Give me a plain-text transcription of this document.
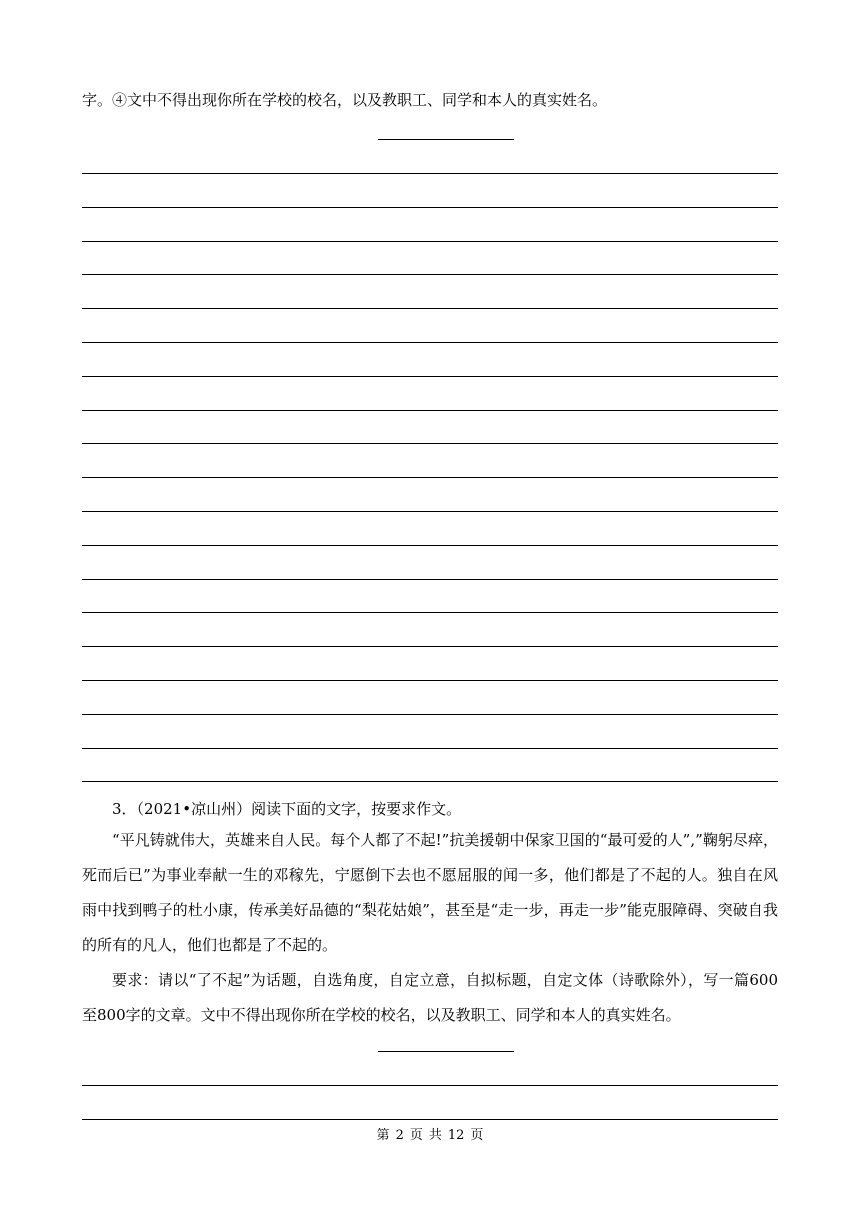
字。④文中不得出现你所在学校的校名，以及教职工、同学和本人的真实姓名。
3．（2021•凉山州）阅读下面的文字，按要求作文。
“平凡铸就伟大，英雄来自人民。每个人都了不起!”抗美援朝中保家卫国的“最可爱的人”,”鞠躬尽瘁，死而后已”为事业奉献一生的邓稼先，宁愿倒下去也不愿屈服的闻一多，他们都是了不起的人。独自在风雨中找到鸭子的杜小康，传承美好品德的“梨花姑娘”，甚至是“走一步，再走一步”能克服障碍、突破自我的所有的凡人，他们也都是了不起的。
要求：请以“了不起”为话题，自选角度，自定立意，自拟标题，自定文体（诗歌除外），写一篇600至800字的文章。文中不得出现你所在学校的校名，以及教职工、同学和本人的真实姓名。
第 2 页 共 12 页
